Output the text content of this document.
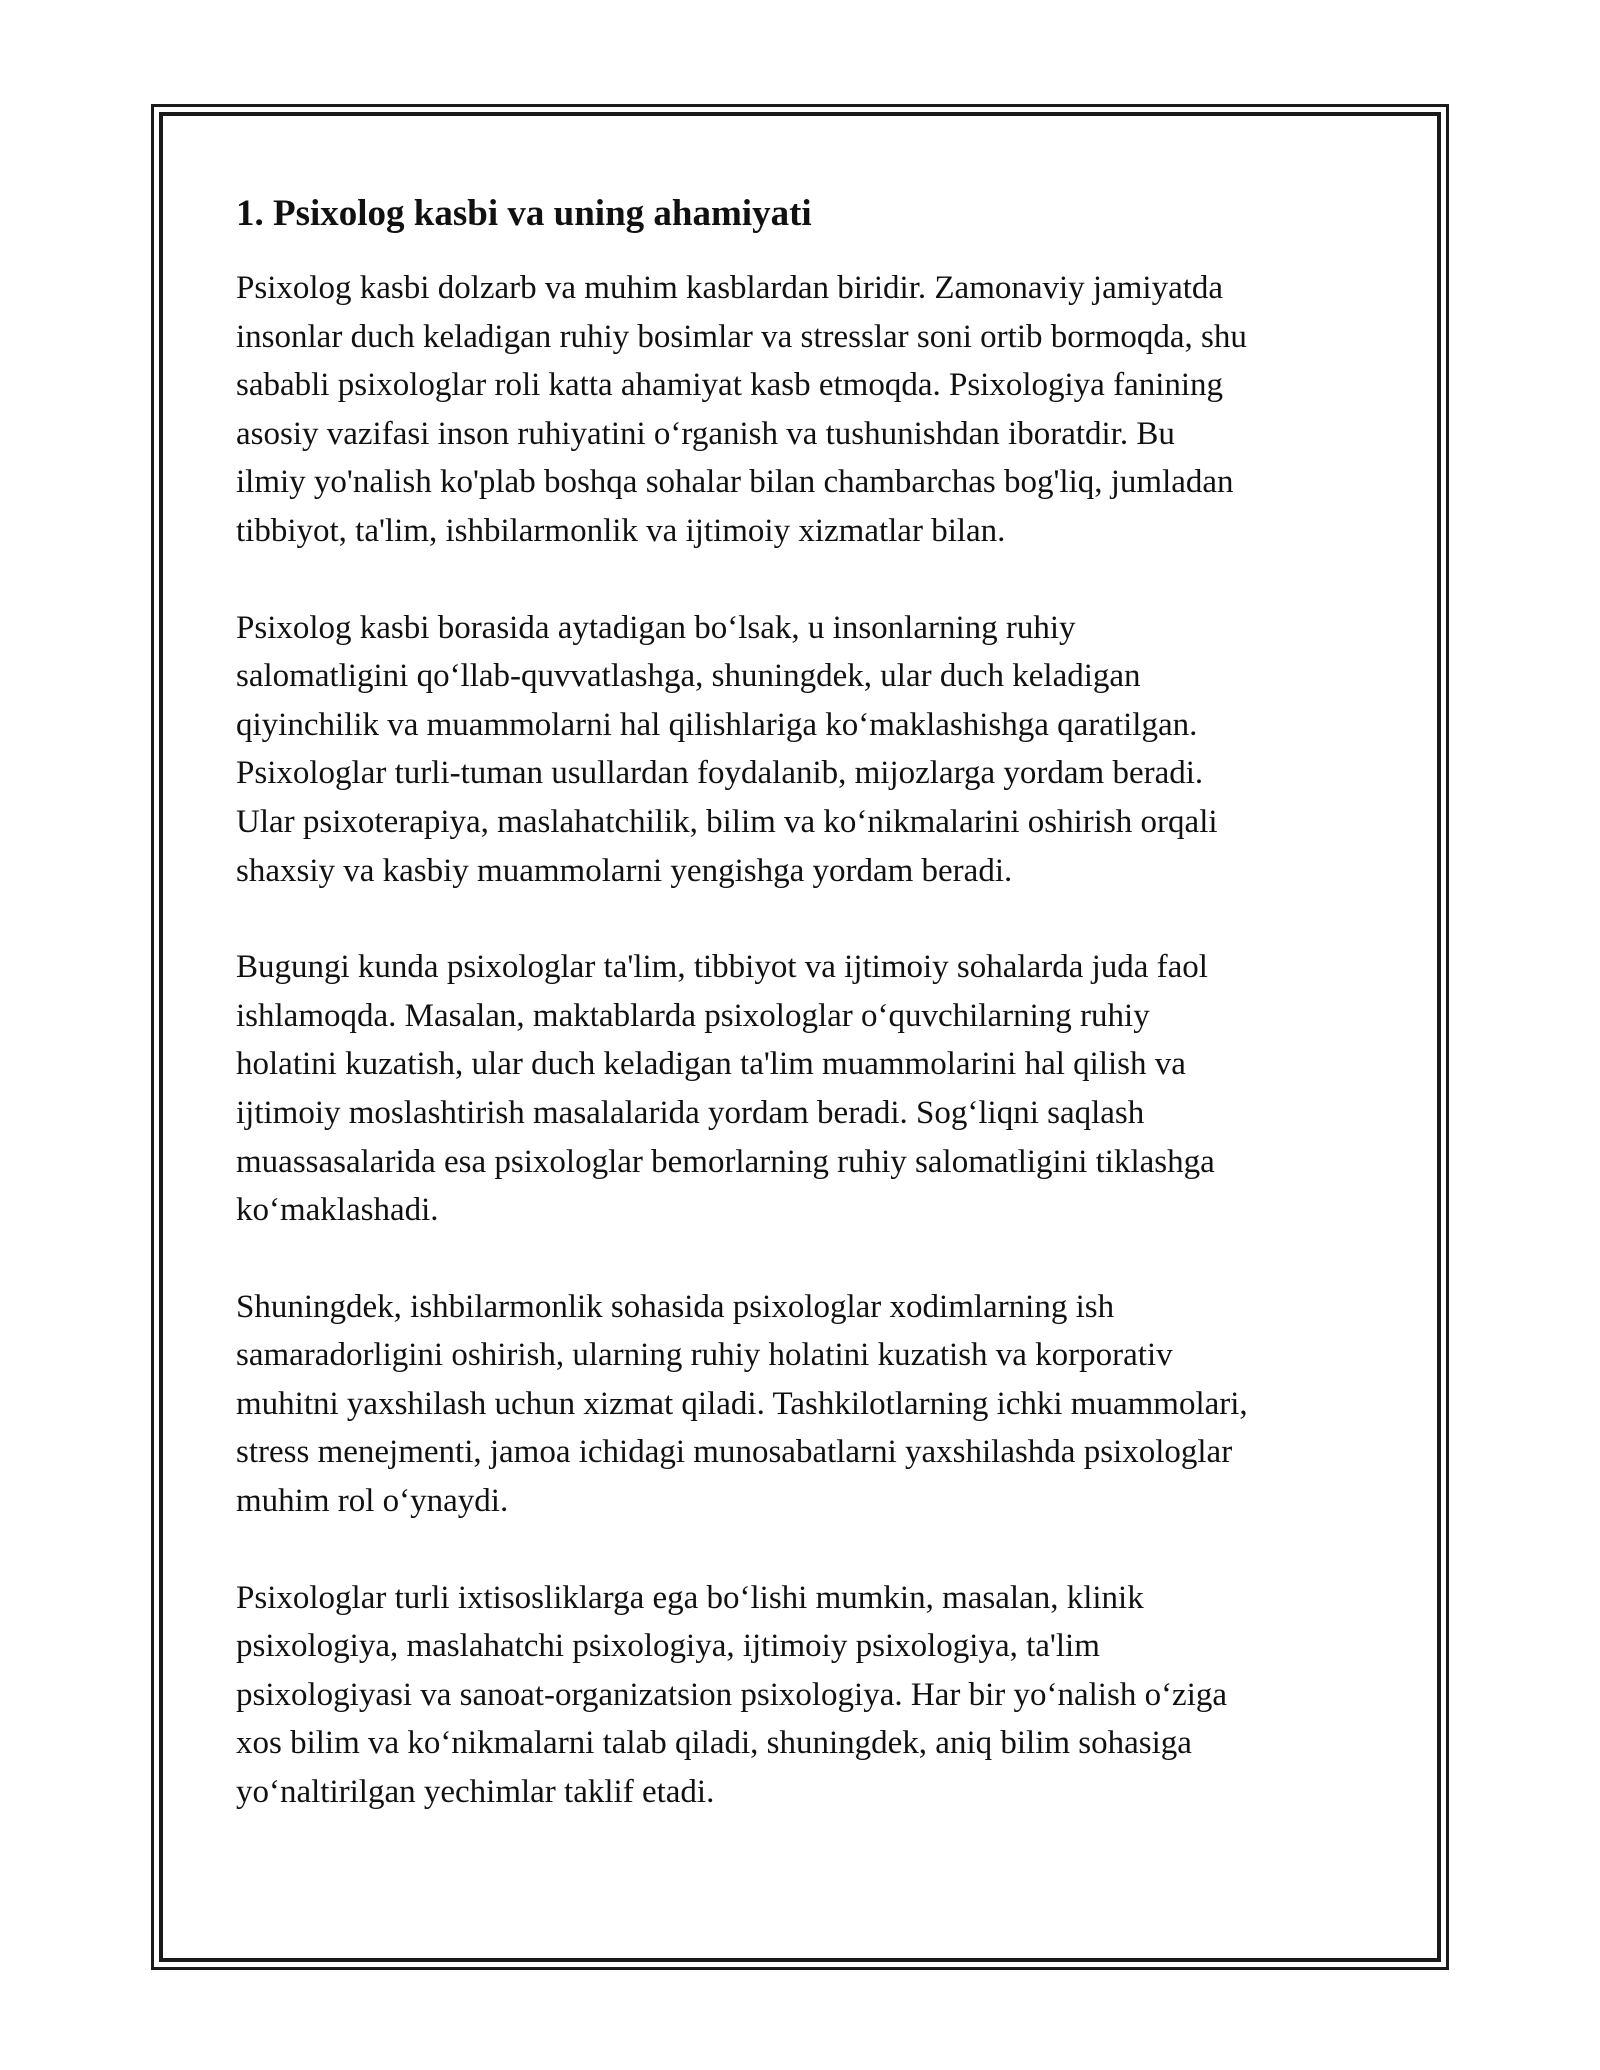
1. Psixolog kasbi va uning ahamiyati

Psixolog kasbi dolzarb va muhim kasblardan biridir. Zamonaviy jamiyatda
insonlar duch keladigan ruhiy bosimlar va stresslar soni ortib bormoqda, shu
sababli psixologlar roli katta ahamiyat kasb etmoqda. Psixologiya fanining
asosiy vazifasi inson ruhiyatini oʻrganish va tushunishdan iboratdir. Bu
ilmiy yo'nalish ko'plab boshqa sohalar bilan chambarchas bog'liq, jumladan
tibbiyot, ta'lim, ishbilarmonlik va ijtimoiy xizmatlar bilan.

Psixolog kasbi borasida aytadigan boʻlsak, u insonlarning ruhiy
salomatligini qoʻllab-quvvatlashga, shuningdek, ular duch keladigan
qiyinchilik va muammolarni hal qilishlariga koʻmaklashishga qaratilgan.
Psixologlar turli-tuman usullardan foydalanib, mijozlarga yordam beradi.
Ular psixoterapiya, maslahatchilik, bilim va koʻnikmalarini oshirish orqali
shaxsiy va kasbiy muammolarni yengishga yordam beradi.

Bugungi kunda psixologlar ta'lim, tibbiyot va ijtimoiy sohalarda juda faol
ishlamoqda. Masalan, maktablarda psixologlar oʻquvchilarning ruhiy
holatini kuzatish, ular duch keladigan ta'lim muammolarini hal qilish va
ijtimoiy moslashtirish masalalarida yordam beradi. Sogʻliqni saqlash
muassasalarida esa psixologlar bemorlarning ruhiy salomatligini tiklashga
koʻmaklashadi.

Shuningdek, ishbilarmonlik sohasida psixologlar xodimlarning ish
samaradorligini oshirish, ularning ruhiy holatini kuzatish va korporativ
muhitni yaxshilash uchun xizmat qiladi. Tashkilotlarning ichki muammolari,
stress menejmenti, jamoa ichidagi munosabatlarni yaxshilashda psixologlar
muhim rol oʻynaydi.

Psixologlar turli ixtisosliklarga ega boʻlishi mumkin, masalan, klinik
psixologiya, maslahatchi psixologiya, ijtimoiy psixologiya, ta'lim
psixologiyasi va sanoat-organizatsion psixologiya. Har bir yoʻnalish oʻziga
xos bilim va koʻnikmalarni talab qiladi, shuningdek, aniq bilim sohasiga
yoʻnaltirilgan yechimlar taklif etadi.
